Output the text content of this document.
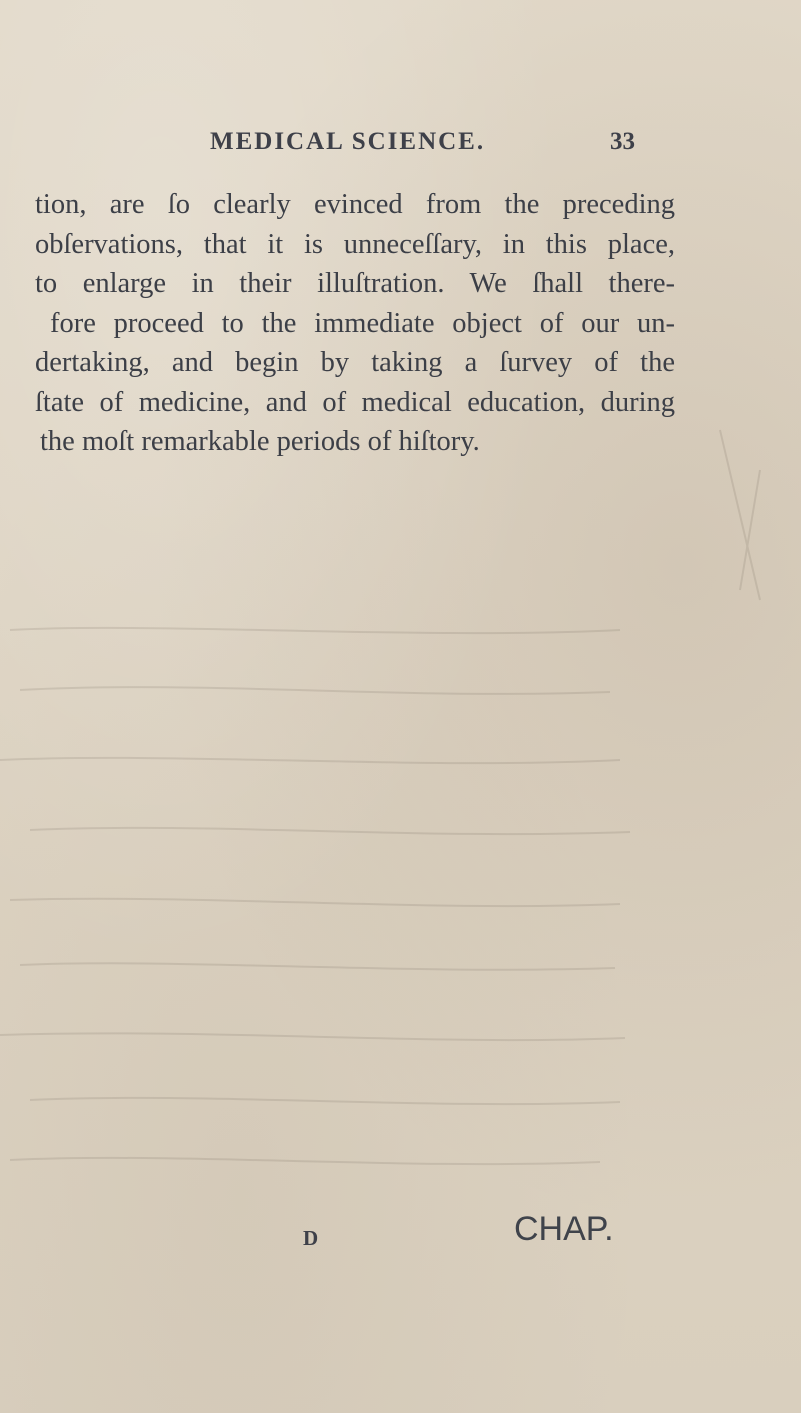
MEDICAL SCIENCE.	33
tion, are ſo clearly evinced from the preceding
obſervations, that it is unneceſſary, in this place,
to enlarge in their illuſtration. We ſhall there-
fore proceed to the immediate object of our un-
dertaking, and begin by taking a ſurvey of the
ſtate of medicine, and of medical education, during
the moſt remarkable periods of hiſtory.
D	CHAP.
